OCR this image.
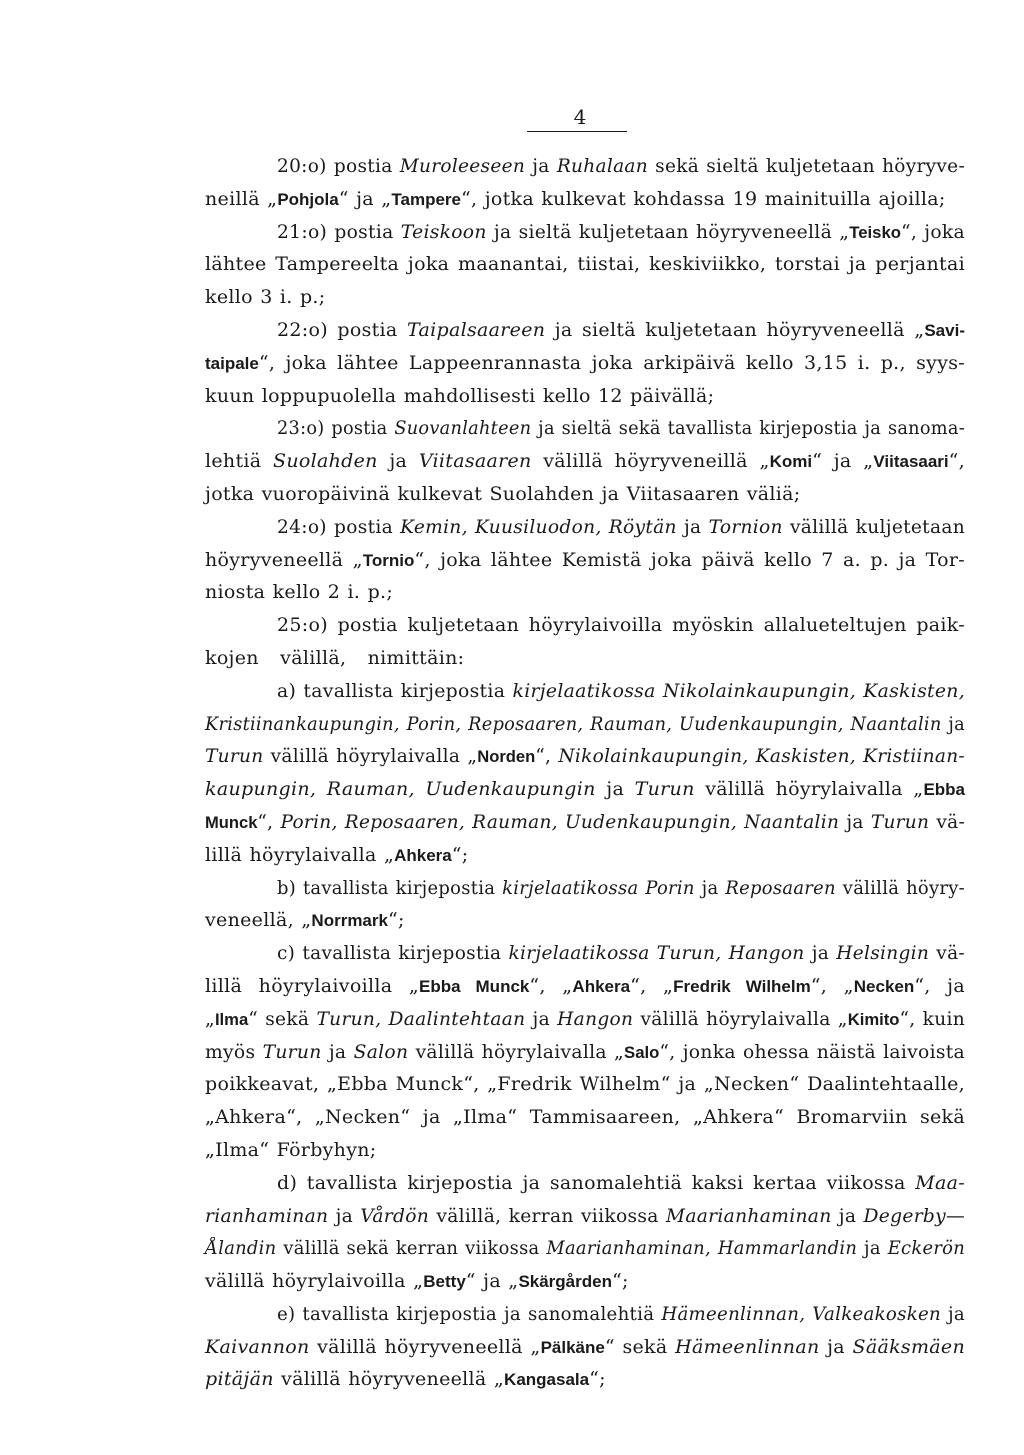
4
20:o) postia Muroleeseen ja Ruhalaan sekä sieltä kuljetetaan höyryve-
neillä „Pohjola“ ja „Tampere“, jotka kulkevat kohdassa 19 mainituilla ajoilla;
21:o) postia Teiskoon ja sieltä kuljetetaan höyryveneellä „Teisko“, joka
lähtee Tampereelta joka maanantai, tiistai, keskiviikko, torstai ja perjantai
kello 3 i. p.;
22:o) postia Taipalsaareen ja sieltä kuljetetaan höyryveneellä „Savi-
taipale“, joka lähtee Lappeenrannasta joka arkipäivä kello 3,15 i. p., syys-
kuun loppupuolella mahdollisesti kello 12 päivällä;
23:o) postia Suovanlahteen ja sieltä sekä tavallista kirjepostia ja sanoma-
lehtiä Suolahden ja Viitasaaren välillä höyryveneillä „Komi“ ja „Viitasaari“,
jotka vuoropäivinä kulkevat Suolahden ja Viitasaaren väliä;
24:o) postia Kemin, Kuusiluodon, Röytän ja Tornion välillä kuljetetaan
höyryveneellä „Tornio“, joka lähtee Kemistä joka päivä kello 7 a. p. ja Tor-
niosta kello 2 i. p.;
25:o) postia kuljetetaan höyrylaivoilla myöskin allalueteltujen paik-
kojen välillä, nimittäin:
a) tavallista kirjepostia kirjelaatikossa Nikolainkaupungin, Kaskisten,
Kristiinankaupungin, Porin, Reposaaren, Rauman, Uudenkaupungin, Naantalin ja
Turun välillä höyrylaivalla „Norden“, Nikolainkaupungin, Kaskisten, Kristiinan-
kaupungin, Rauman, Uudenkaupungin ja Turun välillä höyrylaivalla „Ebba
Munck“, Porin, Reposaaren, Rauman, Uudenkaupungin, Naantalin ja Turun vä-
lillä höyrylaivalla „Ahkera“;
b) tavallista kirjepostia kirjelaatikossa Porin ja Reposaaren välillä höyry-
veneellä, „Norrmark“;
c) tavallista kirjepostia kirjelaatikossa Turun, Hangon ja Helsingin vä-
lillä höyrylaivoilla „Ebba Munck“, „Ahkera“, „Fredrik Wilhelm“, „Necken“, ja
„Ilma“ sekä Turun, Daalintehtaan ja Hangon välillä höyrylaivalla „Kimito“, kuin
myös Turun ja Salon välillä höyrylaivalla „Salo“, jonka ohessa näistä laivoista
poikkeavat, „Ebba Munck“, „Fredrik Wilhelm“ ja „Necken“ Daalintehtaalle,
„Ahkera“, „Necken“ ja „Ilma“ Tammisaareen, „Ahkera“ Bromarviin sekä
„Ilma“ Förbyhyn;
d) tavallista kirjepostia ja sanomalehtiä kaksi kertaa viikossa Maa-
rianhaminan ja Vårdön välillä, kerran viikossa Maarianhaminan ja Degerby—
Ålandin välillä sekä kerran viikossa Maarianhaminan, Hammarlandin ja Eckerön
välillä höyrylaivoilla „Betty“ ja „Skärgården“;
e) tavallista kirjepostia ja sanomalehtiä Hämeenlinnan, Valkeakosken ja
Kaivannon välillä höyryveneellä „Pälkäne“ sekä Hämeenlinnan ja Sääksmäen
pitäjän välillä höyryveneellä „Kangasala“;
